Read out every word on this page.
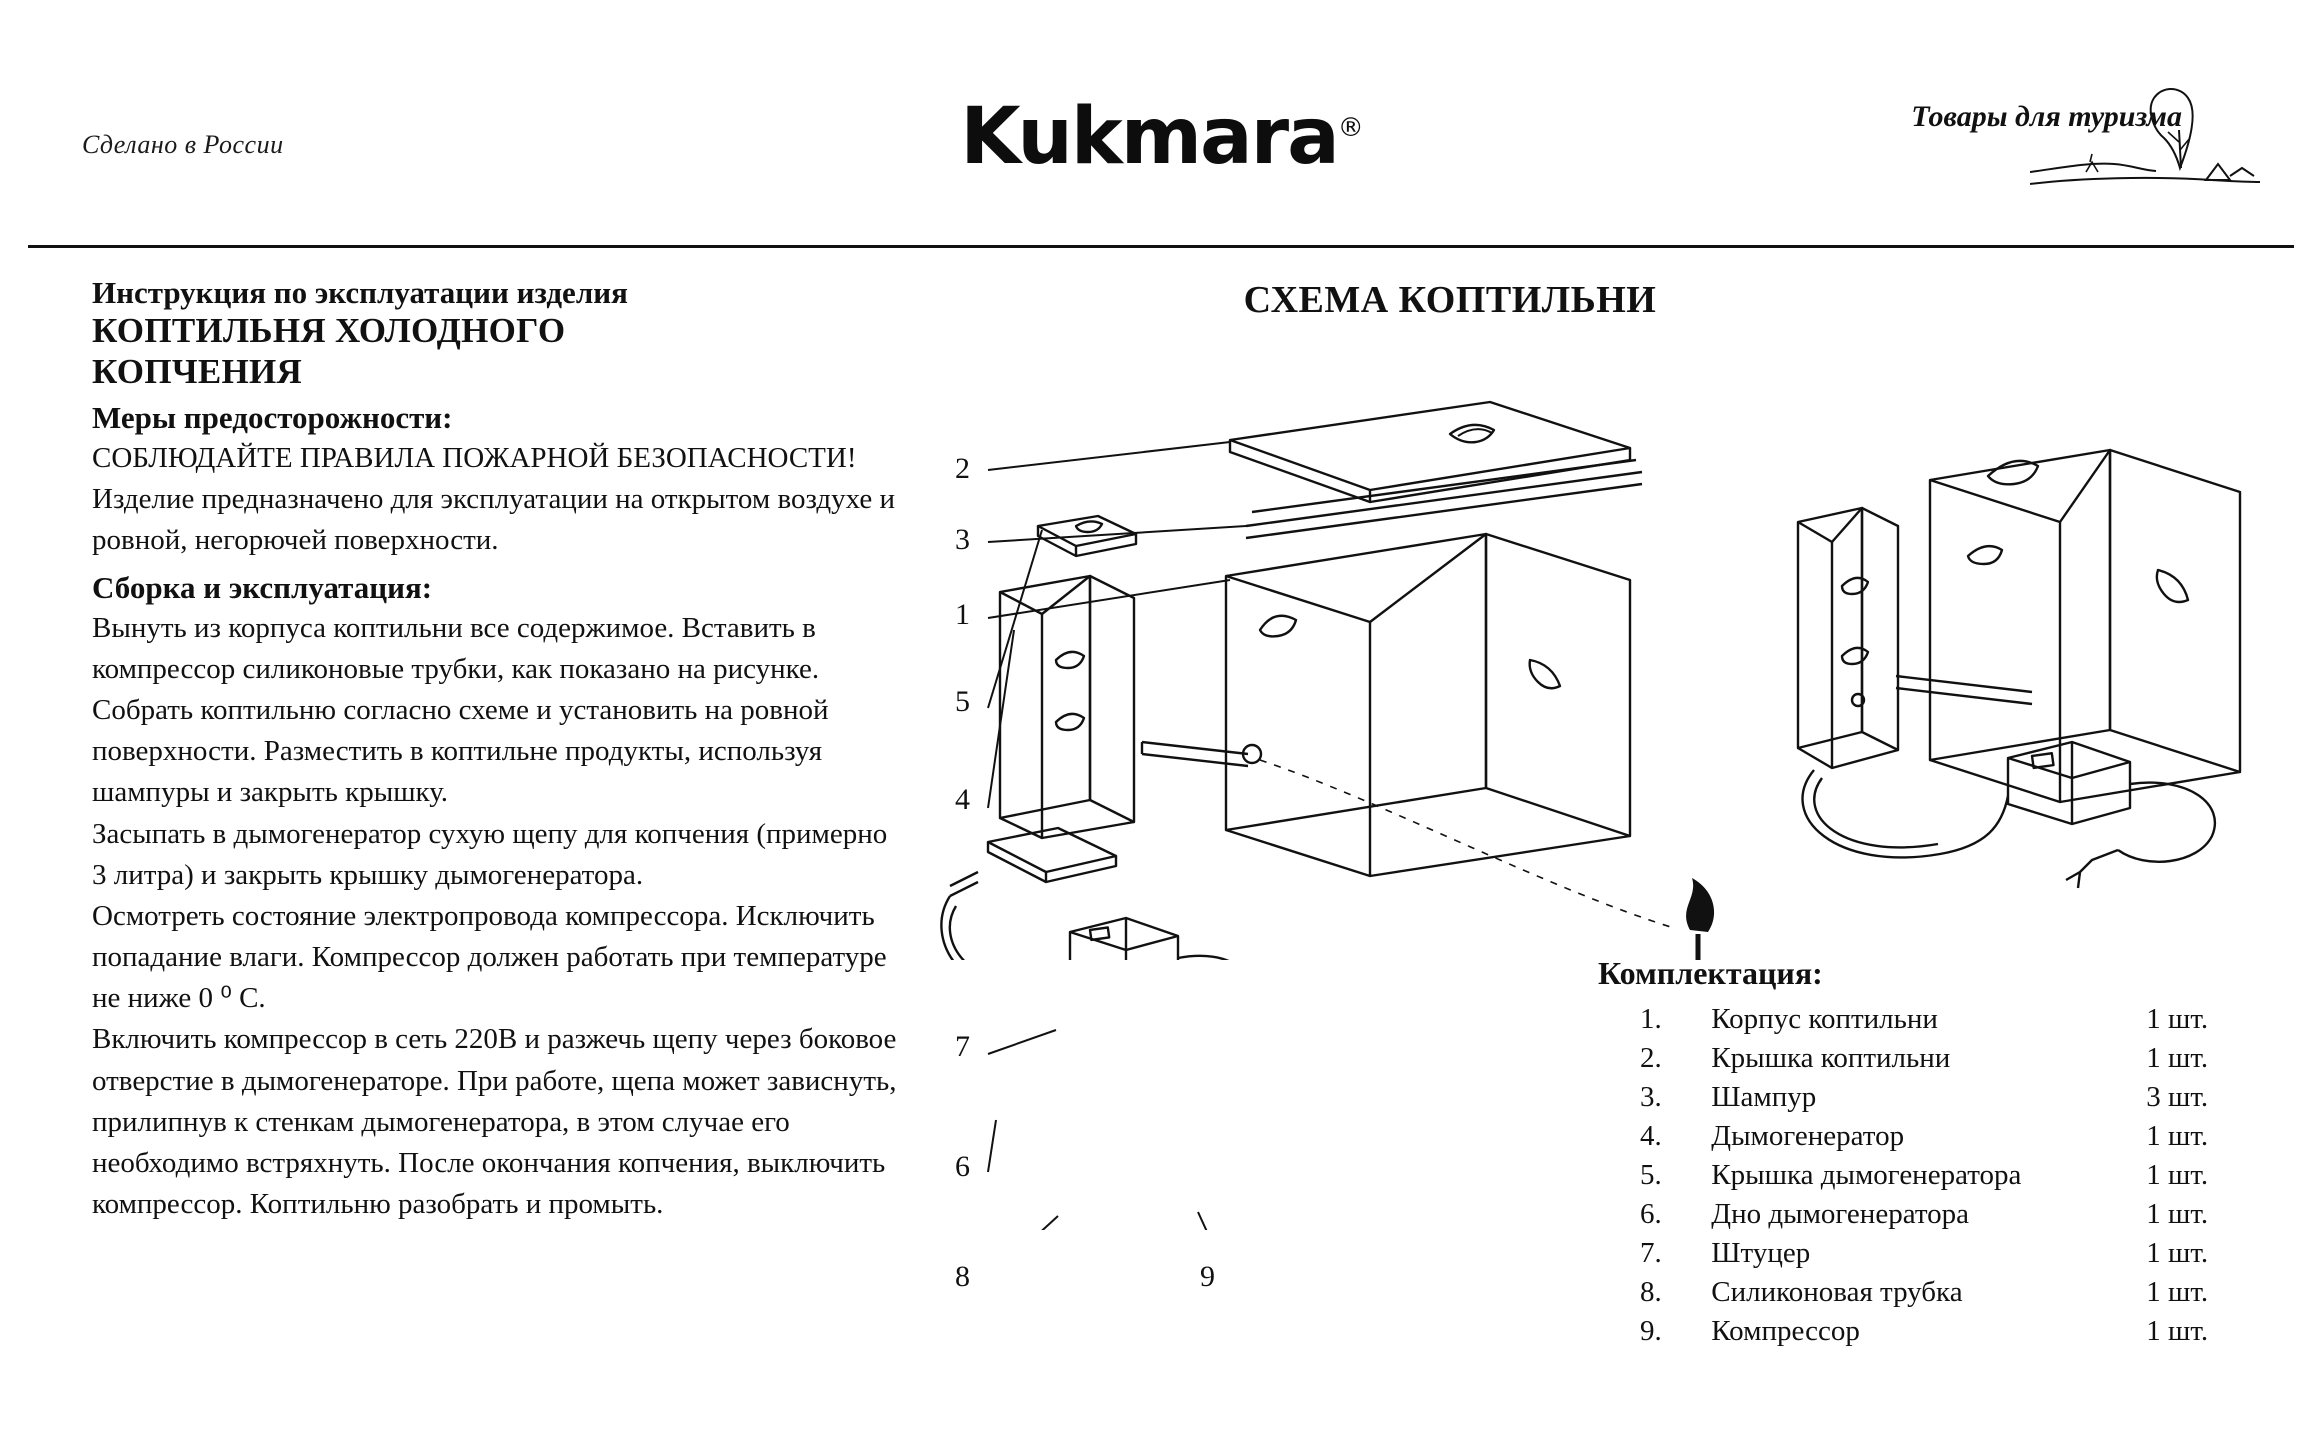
Сделано в России	Kukmara®	Товары для туризма
Инструкция по эксплуатации изделия
КОПТИЛЬНЯ ХОЛОДНОГО
КОПЧЕНИЯ
Меры предосторожности:

СОБЛЮДАЙТЕ ПРАВИЛА ПОЖАРНОЙ БЕЗОПАСНОСТИ!

Изделие предназначено для эксплуатации на открытом воздухе и ровной, негорючей поверхности.

Сборка и эксплуатация:

Вынуть из корпуса коптильни все содержимое. Вставить в компрессор силиконовые трубки, как показано на рисунке. Собрать коптильню согласно схеме и установить на ровной поверхности. Разместить в коптильне продукты, используя шампуры и закрыть крышку.

Засыпать в дымогенератор сухую щепу для копчения (примерно 3 литра) и закрыть крышку дымогенератора.

Осмотреть состояние электропровода компрессора. Исключить попадание влаги. Компрессор должен работать при температуре не ниже 0 ⁰ С.

Включить компрессор в сеть 220В и разжечь щепу через боковое отверстие в дымогенераторе. При работе, щепа может зависнуть, прилипнув к стенкам дымогенератора, в этом случае его необходимо встряхнуть. После окончания копчения, выключить компрессор. Коптильню разобрать и промыть.

СХЕМА КОПТИЛЬНИ
2
3
1
5
4
7
6
8	9
Комплектация:
1.	Корпус коптильни	1 шт.
2.	Крышка коптильни	1 шт.
3.	Шампур	3 шт.
4.	Дымогенератор	1 шт.
5.	Крышка дымогенератора	1 шт.
6.	Дно дымогенератора	1 шт.
7.	Штуцер	1 шт.
8.	Силиконовая трубка	1 шт.
9.	Компрессор	1 шт.
